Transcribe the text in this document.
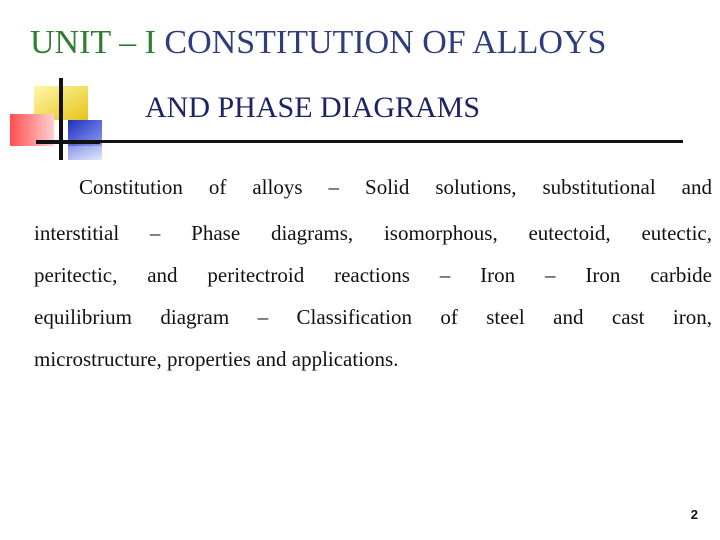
UNIT – I CONSTITUTION OF ALLOYS
AND PHASE DIAGRAMS
Constitution of alloys – Solid solutions, substitutional and
interstitial – Phase diagrams, isomorphous, eutectoid, eutectic,
peritectic, and peritectroid reactions – Iron – Iron carbide
equilibrium diagram – Classification of steel and cast iron,
microstructure, properties and applications.
2
